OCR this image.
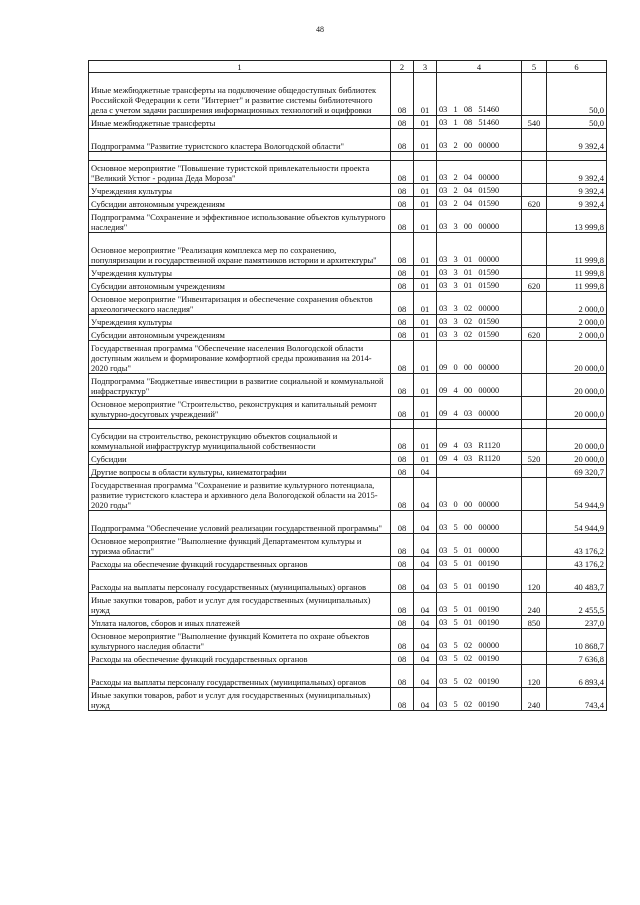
48
1	2	3	4	5	6
Иные межбюджетные трансферты на подключение общедоступных библиотек Российской Федерации к сети "Интернет" и развитие системы библиотечного дела с учетом задачи расширения информационных технологий и оцифровки	08	01	03   1   08   51460		50,0
Иные межбюджетные трансферты	08	01	03   1   08   51460	540	50,0
Подпрограмма "Развитие туристского кластера Вологодской области"	08	01	03   2   00   00000		9 392,4

Основное мероприятие "Повышение туристской привлекательности проекта "Великий Устюг - родина Деда Мороза"	08	01	03   2   04   00000		9 392,4
Учреждения культуры	08	01	03   2   04   01590		9 392,4
Субсидии автономным учреждениям	08	01	03   2   04   01590	620	9 392,4
Подпрограмма "Сохранение и эффективное использование объектов культурного наследия"	08	01	03   3   00   00000		13 999,8
Основное мероприятие "Реализация комплекса мер по сохранению, популяризации и государственной охране памятников истории и архитектуры"	08	01	03   3   01   00000		11 999,8
Учреждения культуры	08	01	03   3   01   01590		11 999,8
Субсидии автономным учреждениям	08	01	03   3   01   01590	620	11 999,8
Основное мероприятие "Инвентаризация и обеспечение сохранения объектов археологического наследия"	08	01	03   3   02   00000		2 000,0
Учреждения культуры	08	01	03   3   02   01590		2 000,0
Субсидии автономным учреждениям	08	01	03   3   02   01590	620	2 000,0
Государственная программа "Обеспечение населения Вологодской области доступным жильем и формирование комфортной среды проживания на 2014-2020 годы"	08	01	09   0   00   00000		20 000,0
Подпрограмма "Бюджетные инвестиции в развитие социальной и коммунальной инфраструктур"	08	01	09   4   00   00000		20 000,0
Основное мероприятие "Строительство, реконструкция и капитальный ремонт культурно-досуговых учреждений"	08	01	09   4   03   00000		20 000,0

Субсидии на строительство, реконструкцию объектов социальной и коммунальной инфраструктур муниципальной собственности	08	01	09   4   03   R1120		20 000,0
Субсидии	08	01	09   4   03   R1120	520	20 000,0
Другие вопросы в области культуры, кинематографии	08	04			69 320,7
Государственная программа "Сохранение и развитие культурного потенциала, развитие туристского кластера и архивного дела Вологодской области на 2015-2020 годы"	08	04	03   0   00   00000		54 944,9
Подпрограмма "Обеспечение условий реализации государственной программы"	08	04	03   5   00   00000		54 944,9
Основное мероприятие "Выполнение функций Департаментом культуры и туризма области"	08	04	03   5   01   00000		43 176,2
Расходы на обеспечение функций государственных органов	08	04	03   5   01   00190		43 176,2
Расходы на выплаты персоналу государственных (муниципальных) органов	08	04	03   5   01   00190	120	40 483,7
Иные закупки товаров, работ и услуг для государственных (муниципальных) нужд	08	04	03   5   01   00190	240	2 455,5
Уплата налогов, сборов и иных платежей	08	04	03   5   01   00190	850	237,0
Основное мероприятие "Выполнение функций Комитета по охране объектов культурного наследия области"	08	04	03   5   02   00000		10 868,7
Расходы на обеспечение функций государственных органов	08	04	03   5   02   00190		7 636,8
Расходы на выплаты персоналу государственных (муниципальных) органов	08	04	03   5   02   00190	120	6 893,4
Иные закупки товаров, работ и услуг для государственных (муниципальных) нужд	08	04	03   5   02   00190	240	743,4
